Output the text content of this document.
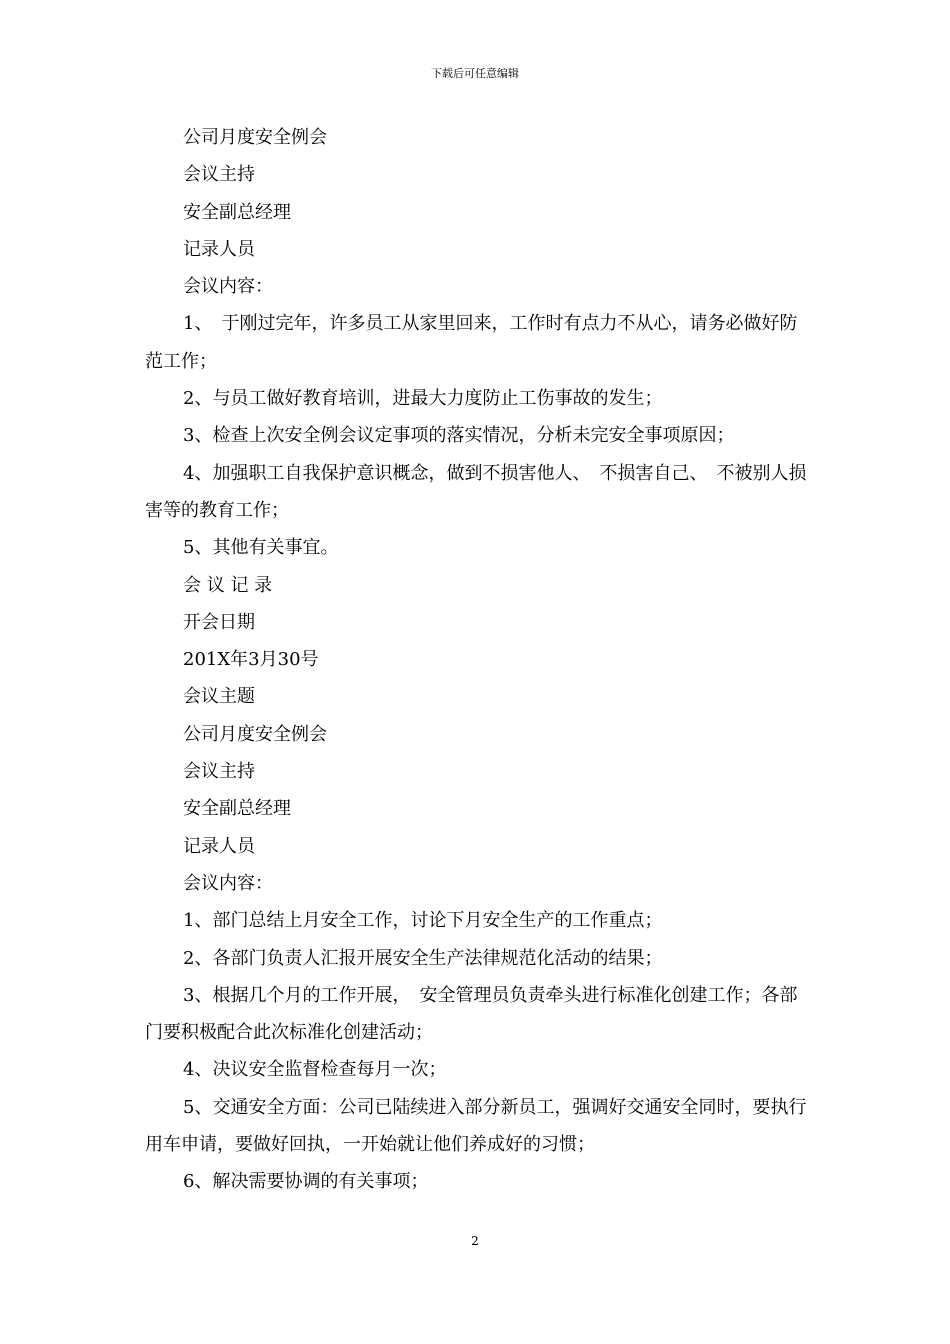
下载后可任意编辑

公司月度安全例会

会议主持

安全副总经理

记录人员

会议内容：

1、　于刚过完年，许多员工从家里回来，工作时有点力不从心，请务必做好防范工作；

2、与员工做好教育培训，进最大力度防止工伤事故的发生；

3、检查上次安全例会议定事项的落实情况，分析未完安全事项原因；

4、加强职工自我保护意识概念，做到不损害他人、　不损害自己、　不被别人损害等的教育工作；

5、其他有关事宜。

会 议 记 录

开会日期

201X年3月30号

会议主题

公司月度安全例会

会议主持

安全副总经理

记录人员

会议内容：

1、部门总结上月安全工作，讨论下月安全生产的工作重点；

2、各部门负责人汇报开展安全生产法律规范化活动的结果；

3、根据几个月的工作开展，　安全管理员负责牵头进行标准化创建工作；各部门要积极配合此次标准化创建活动；

4、决议安全监督检查每月一次；

5、交通安全方面：公司已陆续进入部分新员工，强调好交通安全同时，要执行用车申请，要做好回执，一开始就让他们养成好的习惯；

6、解决需要协调的有关事项；

2
